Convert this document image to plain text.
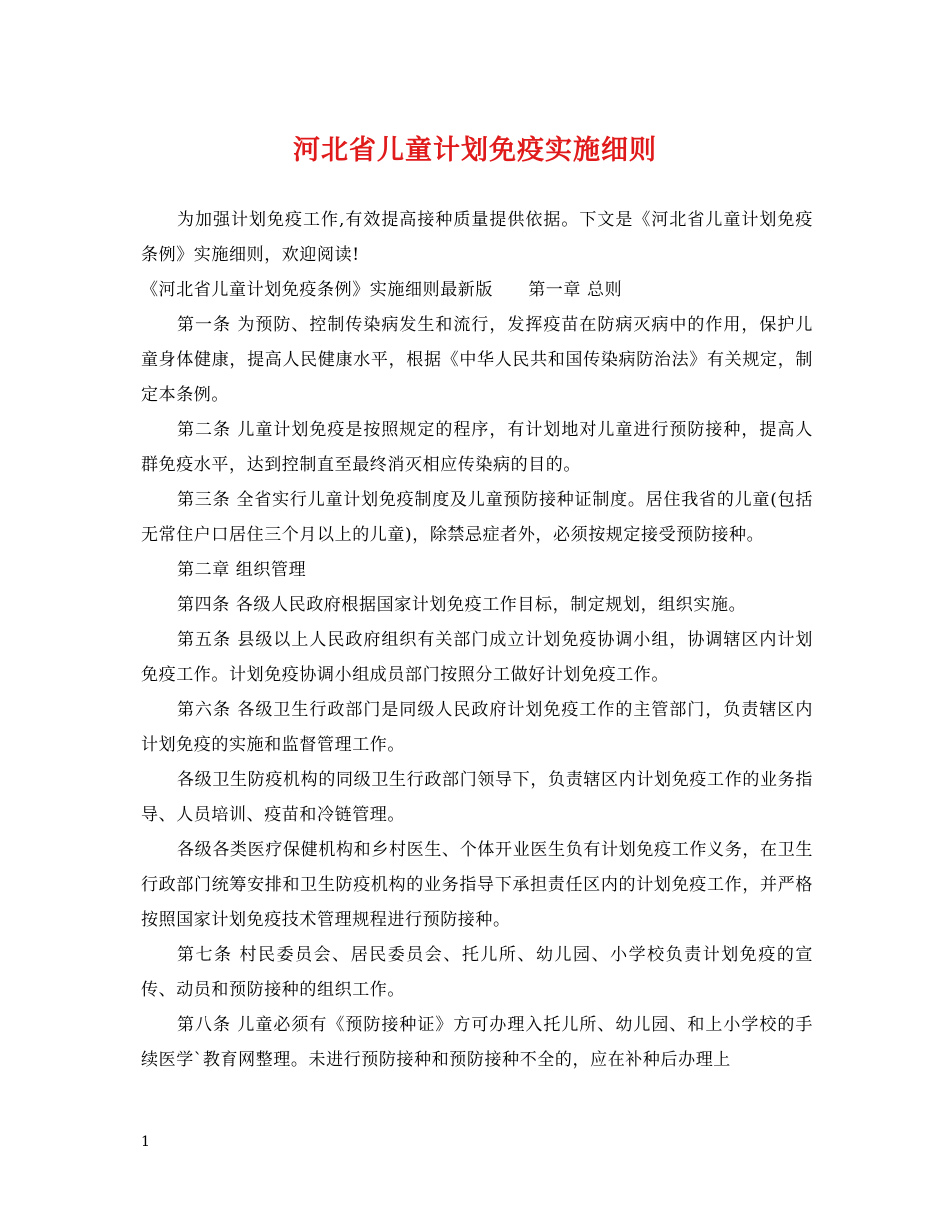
河北省儿童计划免疫实施细则

为加强计划免疫工作,有效提高接种质量提供依据。下文是《河北省儿童计划免疫条例》实施细则，欢迎阅读!

《河北省儿童计划免疫条例》实施细则最新版　　第一章 总则

第一条 为预防、控制传染病发生和流行，发挥疫苗在防病灭病中的作用，保护儿童身体健康，提高人民健康水平，根据《中华人民共和国传染病防治法》有关规定，制定本条例。

第二条 儿童计划免疫是按照规定的程序，有计划地对儿童进行预防接种，提高人群免疫水平，达到控制直至最终消灭相应传染病的目的。

第三条 全省实行儿童计划免疫制度及儿童预防接种证制度。居住我省的儿童(包括无常住户口居住三个月以上的儿童)，除禁忌症者外，必须按规定接受预防接种。

第二章 组织管理

第四条 各级人民政府根据国家计划免疫工作目标，制定规划，组织实施。

第五条 县级以上人民政府组织有关部门成立计划免疫协调小组，协调辖区内计划免疫工作。计划免疫协调小组成员部门按照分工做好计划免疫工作。

第六条 各级卫生行政部门是同级人民政府计划免疫工作的主管部门，负责辖区内计划免疫的实施和监督管理工作。

各级卫生防疫机构的同级卫生行政部门领导下，负责辖区内计划免疫工作的业务指导、人员培训、疫苗和冷链管理。

各级各类医疗保健机构和乡村医生、个体开业医生负有计划免疫工作义务，在卫生行政部门统筹安排和卫生防疫机构的业务指导下承担责任区内的计划免疫工作，并严格按照国家计划免疫技术管理规程进行预防接种。

第七条 村民委员会、居民委员会、托儿所、幼儿园、小学校负责计划免疫的宣传、动员和预防接种的组织工作。

第八条 儿童必须有《预防接种证》方可办理入托儿所、幼儿园、和上小学校的手续医学`教育网整理。未进行预防接种和预防接种不全的，应在补种后办理上

1
